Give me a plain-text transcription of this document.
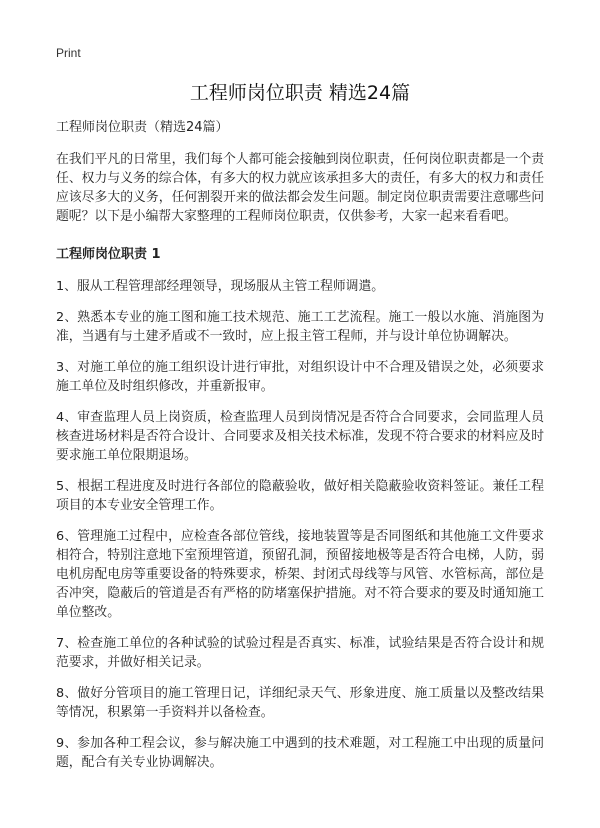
Print
工程师岗位职责 精选24篇

工程师岗位职责（精选24篇）

在我们平凡的日常里，我们每个人都可能会接触到岗位职责，任何岗位职责都是一个责任、权力与义务的综合体，有多大的权力就应该承担多大的责任，有多大的权力和责任应该尽多大的义务，任何割裂开来的做法都会发生问题。制定岗位职责需要注意哪些问题呢？以下是小编帮大家整理的工程师岗位职责，仅供参考，大家一起来看看吧。

工程师岗位职责 1

1、服从工程管理部经理领导，现场服从主管工程师调遣。

2、熟悉本专业的施工图和施工技术规范、施工工艺流程。施工一般以水施、消施图为准，当遇有与土建矛盾或不一致时，应上报主管工程师，并与设计单位协调解决。

3、对施工单位的施工组织设计进行审批，对组织设计中不合理及错误之处，必须要求施工单位及时组织修改，并重新报审。

4、审查监理人员上岗资质，检查监理人员到岗情况是否符合合同要求，会同监理人员核查进场材料是否符合设计、合同要求及相关技术标准，发现不符合要求的材料应及时要求施工单位限期退场。

5、根据工程进度及时进行各部位的隐蔽验收，做好相关隐蔽验收资料签证。兼任工程项目的本专业安全管理工作。

6、管理施工过程中，应检查各部位管线，接地装置等是否同图纸和其他施工文件要求相符合，特别注意地下室预埋管道，预留孔洞，预留接地极等是否符合电梯，人防，弱电机房配电房等重要设备的特殊要求，桥架、封闭式母线等与风管、水管标高，部位是否冲突，隐蔽后的管道是否有严格的防堵塞保护措施。对不符合要求的要及时通知施工单位整改。

7、检查施工单位的各种试验的试验过程是否真实、标准，试验结果是否符合设计和规范要求，并做好相关记录。

8、做好分管项目的施工管理日记，详细纪录天气、形象进度、施工质量以及整改结果等情况，积累第一手资料并以备检查。

9、参加各种工程会议，参与解决施工中遇到的技术难题，对工程施工中出现的质量问题，配合有关专业协调解决。
